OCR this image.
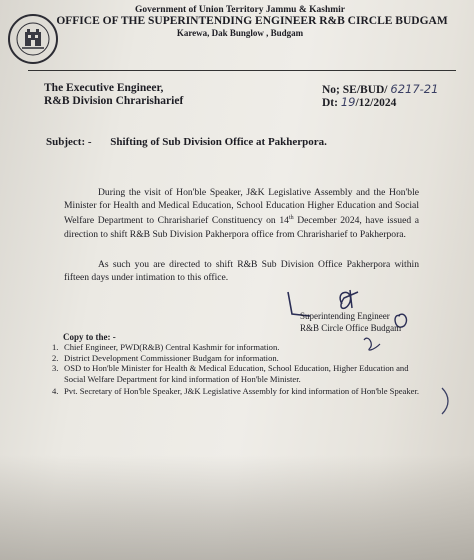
Government of Union Territory Jammu & Kashmir
OFFICE OF THE SUPERINTENDING ENGINEER R&B CIRCLE BUDGAM
Karewa, Dak Bunglow , Budgam
The Executive Engineer,
R&B Division Chrarisharief
No; SE/BUD/ 6217-21
Dt: 19/12/2024
Subject: - Shifting of Sub Division Office at Pakherpora.
During the visit of Hon'ble Speaker, J&K Legislative Assembly and the Hon'ble Minister for Health and Medical Education, School Education Higher Education and Social Welfare Department to Chrarisharief Constituency on 14th December 2024, have issued a direction to shift R&B Sub Division Pakherpora office from Chrarisharief to Pakherpora.
As such you are directed to shift R&B Sub Division Office Pakherpora within fifteen days under intimation to this office.
Superintending Engineer
R&B Circle Office Budgam
Copy to the: -
1. Chief Engineer, PWD(R&B) Central Kashmir for information.
2. District Development Commissioner Budgam for information.
3. OSD to Hon'ble Minister for Health & Medical Education, School Education, Higher Education and Social Welfare Department for kind information of Hon'ble Minister.
4. Pvt. Secretary of Hon'ble Speaker, J&K Legislative Assembly for kind information of Hon'ble Speaker.
